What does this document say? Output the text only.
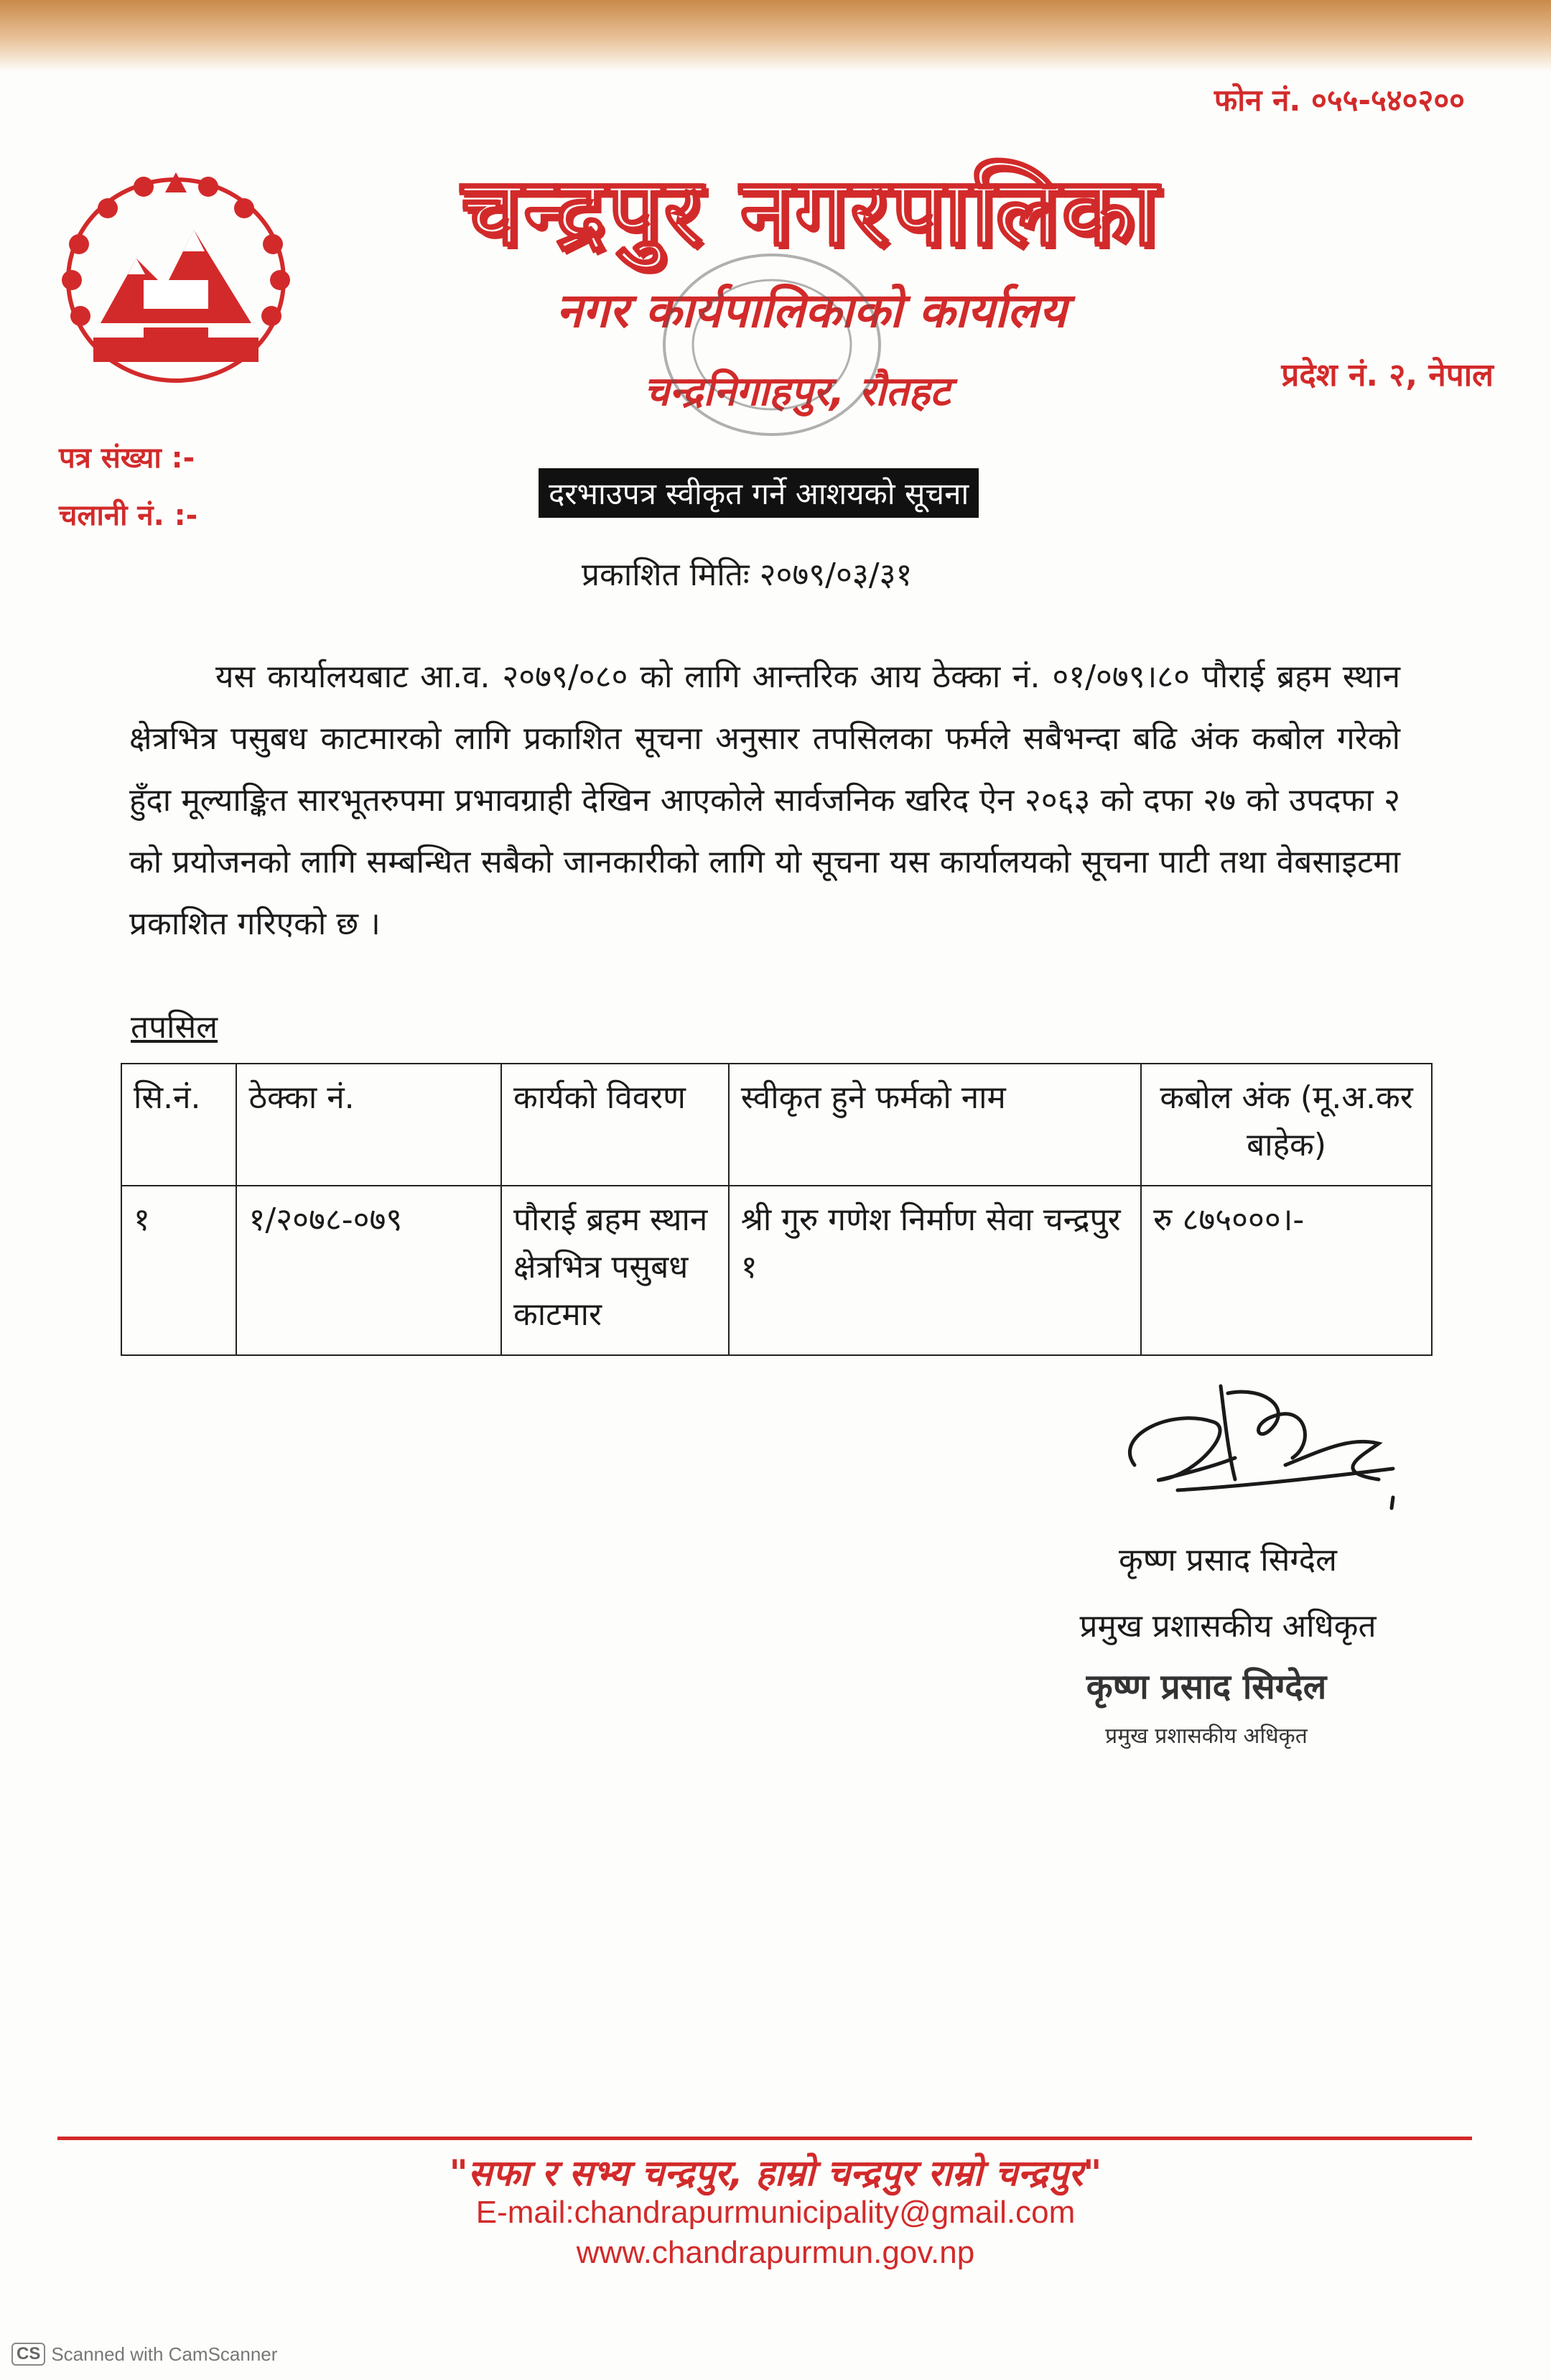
फोन नं. ०५५-५४०२००
चन्द्रपुर नगरपालिका
नगर कार्यपालिकाको कार्यालय
चन्द्रनिगाहपुर, रौतहट	प्रदेश नं. २, नेपाल
पत्र संख्या :-
चलानी नं. :-
दरभाउपत्र स्वीकृत गर्ने आशयको सूचना
प्रकाशित मितिः २०७९/०३/३१
यस कार्यालयबाट आ.व. २०७९/०८० को लागि आन्तरिक आय ठेक्का नं. ०१/०७९।८० पौराई ब्रहम स्थान क्षेत्रभित्र पसुबध काटमारको लागि प्रकाशित सूचना अनुसार तपसिलका फर्मले सबैभन्दा बढि अंक कबोल गरेको हुँदा मूल्याङ्कित सारभूतरुपमा प्रभावग्राही देखिन आएकोले सार्वजनिक खरिद ऐन २०६३ को दफा २७ को उपदफा २ को प्रयोजनको लागि सम्बन्धित सबैको जानकारीको लागि यो सूचना यस कार्यालयको सूचना पाटी तथा वेबसाइटमा प्रकाशित गरिएको छ ।
तपसिल
सि.नं.	ठेक्का नं.	कार्यको विवरण	स्वीकृत हुने फर्मको नाम	कबोल अंक (मू.अ.कर बाहेक)
१	१/२०७८-०७९	पौराई ब्रहम स्थान क्षेत्रभित्र पसुबध काटमार	श्री गुरु गणेश निर्माण सेवा चन्द्रपुर १	रु ८७५०००।-
कृष्ण प्रसाद सिग्देल
प्रमुख प्रशासकीय अधिकृत
कृष्ण प्रसाद सिग्देल
प्रमुख प्रशासकीय अधिकृत
"सफा र सभ्य चन्द्रपुर, हाम्रो चन्द्रपुर राम्रो चन्द्रपुर"
E-mail:chandrapurmunicipality@gmail.com
www.chandrapurmun.gov.np
CS Scanned with CamScanner
